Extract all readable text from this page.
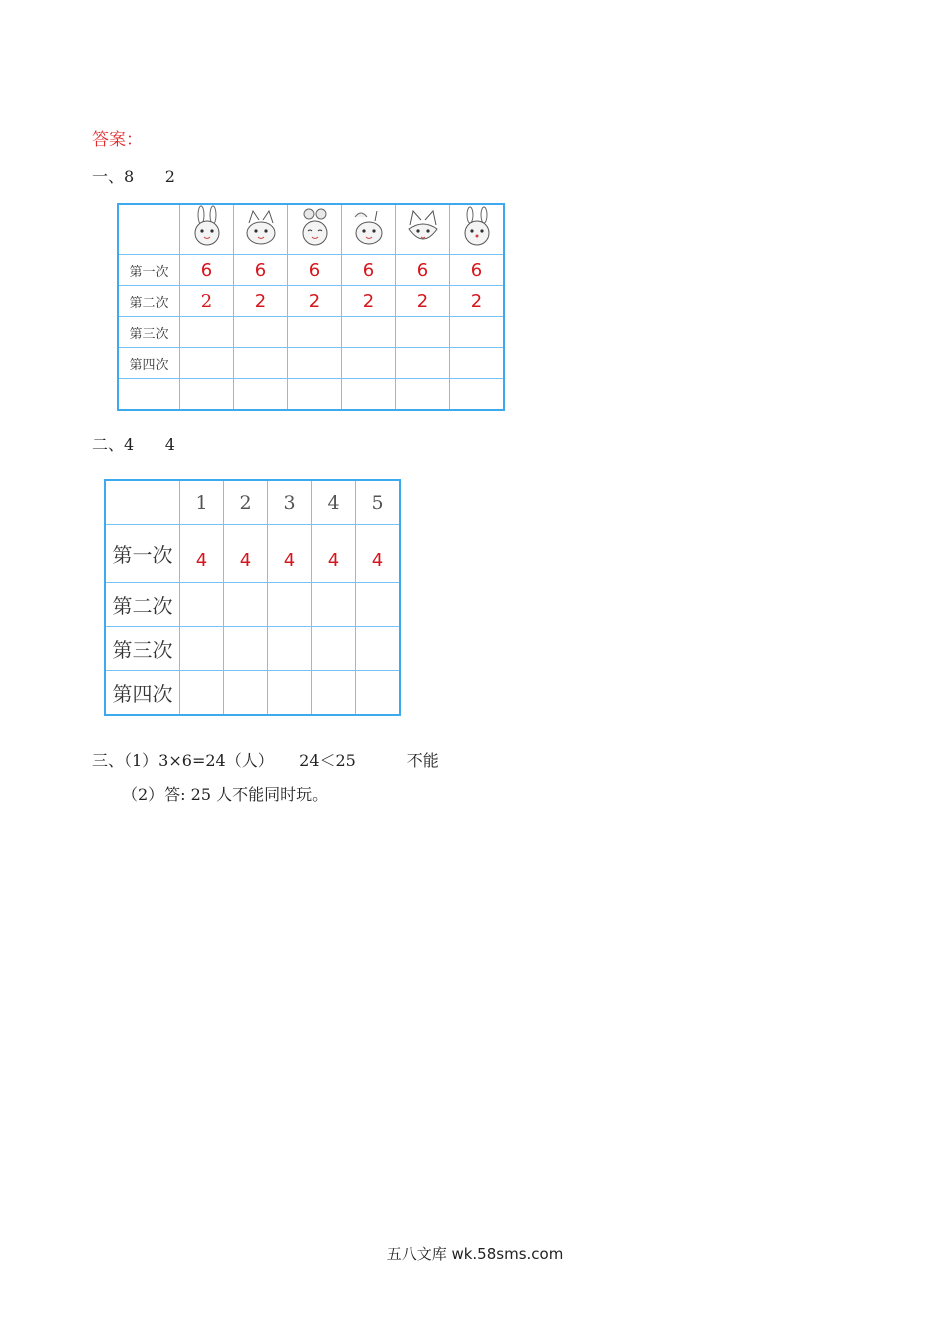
答案：
一、8      2

第一次	6	6	6	6	6	6
第二次	2	2	2	2	2	2
第三次						
第四次						

二、4      4
	1	2	3	4	5
第一次	4	4	4	4	4
第二次					
第三次					
第四次					
三、（1）3×6=24（人）     24＜25          不能
（2）答: 25 人不能同时玩。
五八文库 wk.58sms.com
